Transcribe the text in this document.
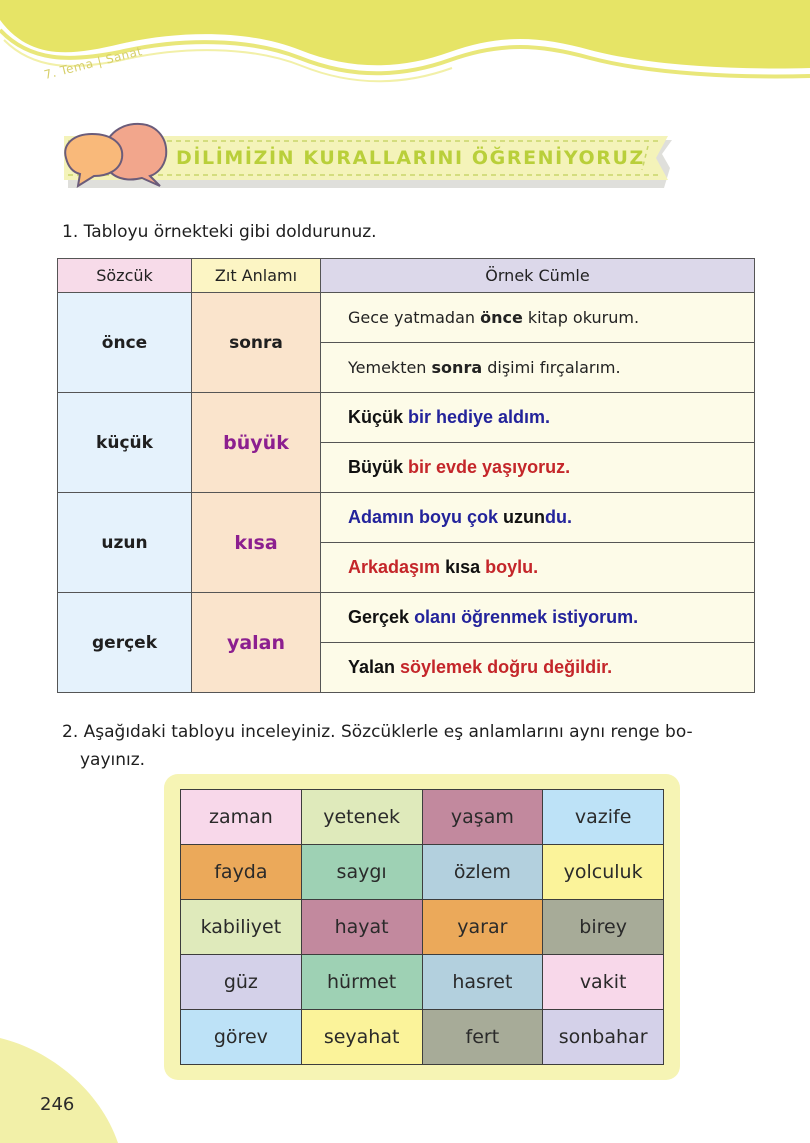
7. Tema | Sanat
DİLİMİZİN KURALLARINI ÖĞRENİYORUZ
1. Tabloyu örnekteki gibi doldurunuz.
Sözcük	Zıt Anlamı	Örnek Cümle
önce	sonra	Gece yatmadan önce kitap okurum.
		Yemekten sonra dişimi fırçalarım.
küçük	büyük	Küçük bir hediye aldım.
		Büyük bir evde yaşıyoruz.
uzun	kısa	Adamın boyu çok uzundu.
		Arkadaşım kısa boylu.
gerçek	yalan	Gerçek olanı öğrenmek istiyorum.
		Yalan söylemek doğru değildir.
2. Aşağıdaki tabloyu inceleyiniz. Sözcüklerle eş anlamlarını aynı renge bo-
yayınız.
zaman	yetenek	yaşam	vazife
fayda	saygı	özlem	yolculuk
kabiliyet	hayat	yarar	birey
güz	hürmet	hasret	vakit
görev	seyahat	fert	sonbahar
246
